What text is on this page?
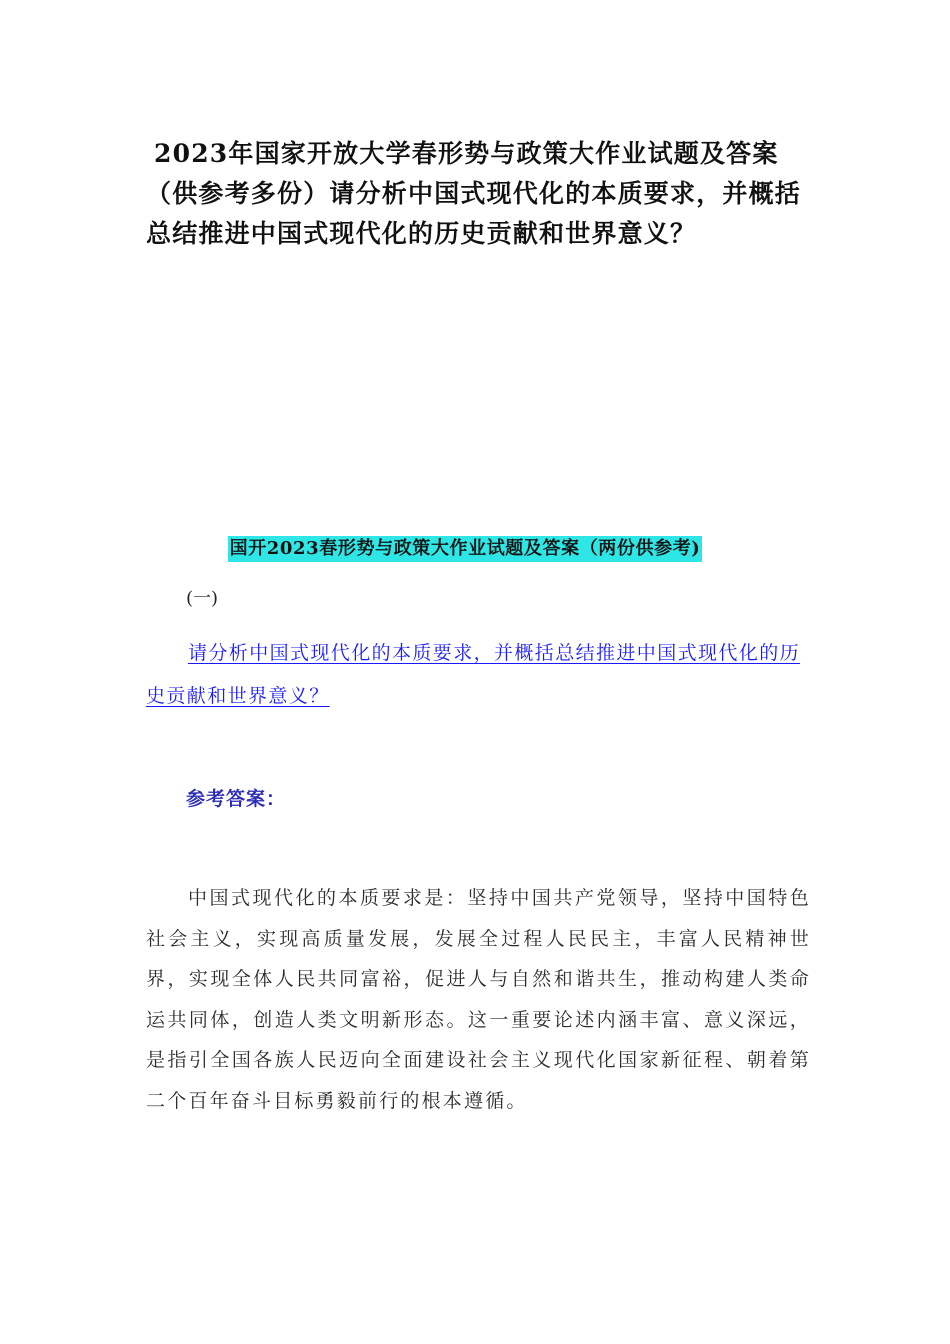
2023年国家开放大学春形势与政策大作业试题及答案（供参考多份）请分析中国式现代化的本质要求，并概括总结推进中国式现代化的历史贡献和世界意义？
国开2023春形势与政策大作业试题及答案（两份供参考)
(一)

请分析中国式现代化的本质要求，并概括总结推进中国式现代化的历史贡献和世界意义？

参考答案：

中国式现代化的本质要求是：坚持中国共产党领导，坚持中国特色社会主义，实现高质量发展，发展全过程人民民主，丰富人民精神世界，实现全体人民共同富裕，促进人与自然和谐共生，推动构建人类命运共同体，创造人类文明新形态。这一重要论述内涵丰富、意义深远，是指引全国各族人民迈向全面建设社会主义现代化国家新征程、朝着第二个百年奋斗目标勇毅前行的根本遵循。
